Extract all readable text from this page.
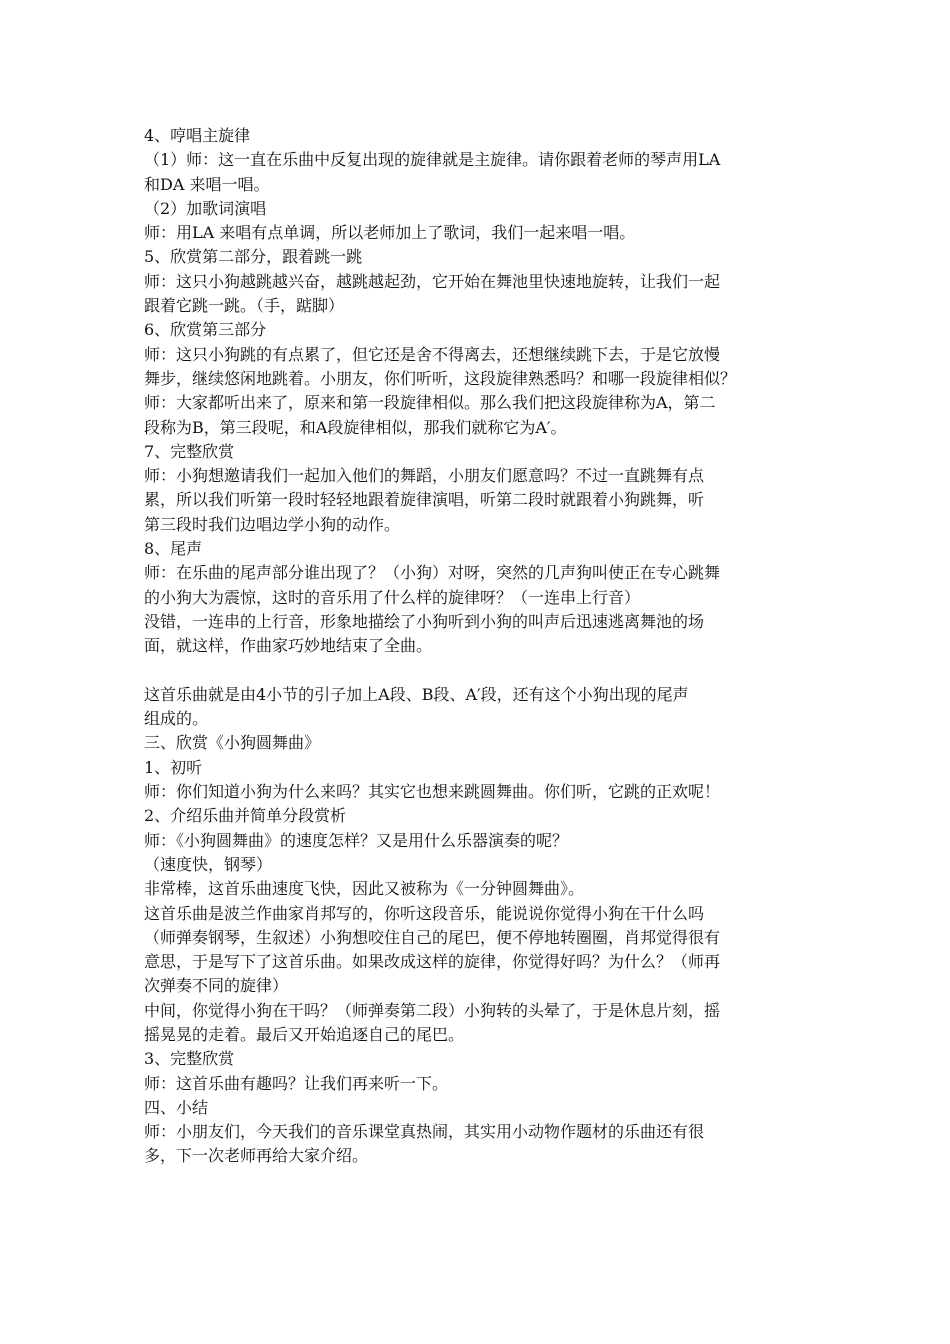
4、哼唱主旋律
（1）师：这一直在乐曲中反复出现的旋律就是主旋律。请你跟着老师的琴声用LA
和DA 来唱一唱。
（2）加歌词演唱
师：用LA 来唱有点单调，所以老师加上了歌词，我们一起来唱一唱。
5、欣赏第二部分，跟着跳一跳
师：这只小狗越跳越兴奋，越跳越起劲，它开始在舞池里快速地旋转，让我们一起
跟着它跳一跳。（手，踮脚）
6、欣赏第三部分
师：这只小狗跳的有点累了，但它还是舍不得离去，还想继续跳下去，于是它放慢
舞步，继续悠闲地跳着。小朋友，你们听听，这段旋律熟悉吗？和哪一段旋律相似？
师：大家都听出来了，原来和第一段旋律相似。那么我们把这段旋律称为A，第二
段称为B，第三段呢，和A段旋律相似，那我们就称它为A′。
7、完整欣赏
师：小狗想邀请我们一起加入他们的舞蹈，小朋友们愿意吗？不过一直跳舞有点
累，所以我们听第一段时轻轻地跟着旋律演唱，听第二段时就跟着小狗跳舞，听
第三段时我们边唱边学小狗的动作。
8、尾声
师：在乐曲的尾声部分谁出现了？（小狗）对呀，突然的几声狗叫使正在专心跳舞
的小狗大为震惊，这时的音乐用了什么样的旋律呀？（一连串上行音）
没错，一连串的上行音，形象地描绘了小狗听到小狗的叫声后迅速逃离舞池的场
面，就这样，作曲家巧妙地结束了全曲。
这首乐曲就是由4小节的引子加上A段、B段、A′段，还有这个小狗出现的尾声
组成的。
三、欣赏《小狗圆舞曲》
1、初听
师：你们知道小狗为什么来吗？其实它也想来跳圆舞曲。你们听，它跳的正欢呢！
2、介绍乐曲并简单分段赏析
师：《小狗圆舞曲》的速度怎样？又是用什么乐器演奏的呢？
（速度快，钢琴）
非常棒，这首乐曲速度飞快，因此又被称为《一分钟圆舞曲》。
这首乐曲是波兰作曲家肖邦写的，你听这段音乐，能说说你觉得小狗在干什么吗
（师弹奏钢琴，生叙述）小狗想咬住自己的尾巴，便不停地转圈圈，肖邦觉得很有
意思，于是写下了这首乐曲。如果改成这样的旋律，你觉得好吗？为什么？（师再
次弹奏不同的旋律）
中间，你觉得小狗在干吗？（师弹奏第二段）小狗转的头晕了，于是休息片刻，摇
摇晃晃的走着。最后又开始追逐自己的尾巴。
3、完整欣赏
师：这首乐曲有趣吗？让我们再来听一下。
四、小结
师：小朋友们，今天我们的音乐课堂真热闹，其实用小动物作题材的乐曲还有很
多，下一次老师再给大家介绍。
